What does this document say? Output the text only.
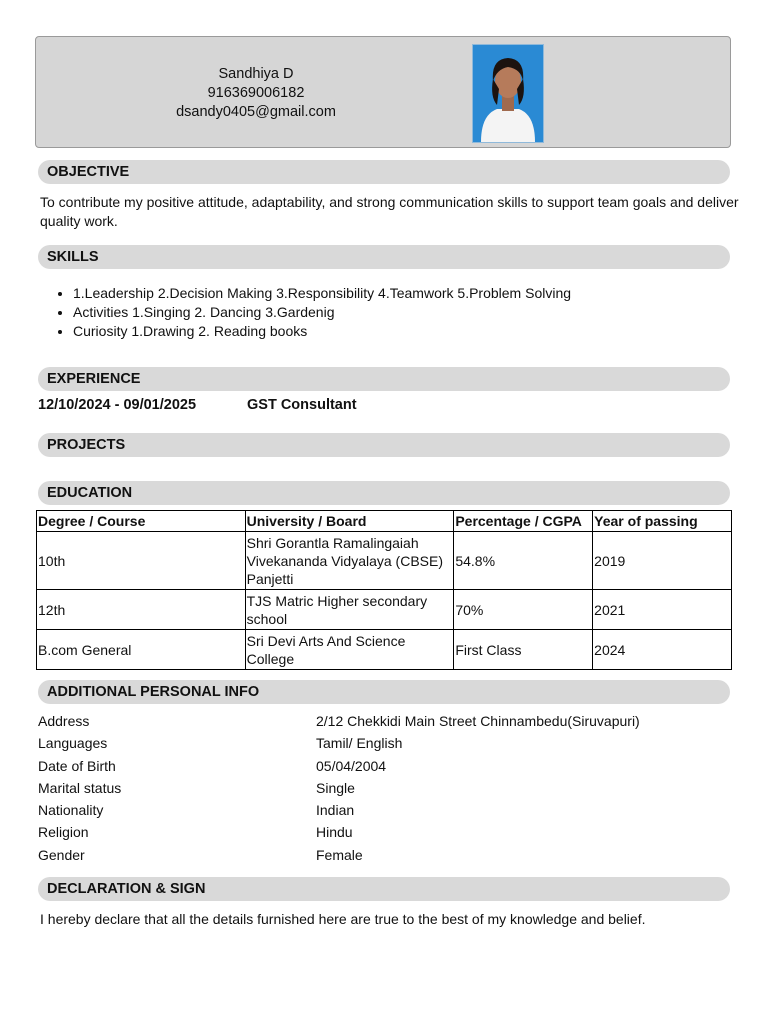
Sandhiya D
916369006182
dsandy0405@gmail.com
OBJECTIVE
To contribute my positive attitude, adaptability, and strong communication skills to support team goals and deliver quality work.
SKILLS
• 1.Leadership 2.Decision Making 3.Responsibility 4.Teamwork 5.Problem Solving
• Activities 1.Singing 2. Dancing 3.Gardenig
• Curiosity 1.Drawing 2. Reading books
EXPERIENCE
12/10/2024 - 09/01/2025	GST Consultant
PROJECTS
EDUCATION
Degree / Course	University / Board	Percentage / CGPA	Year of passing
10th	Shri Gorantla Ramalingaiah Vivekananda Vidyalaya (CBSE) Panjetti	54.8%	2019
12th	TJS Matric Higher secondary school	70%	2021
B.com General	Sri Devi Arts And Science College	First Class	2024
ADDITIONAL PERSONAL INFO
Address	2/12 Chekkidi Main Street Chinnambedu(Siruvapuri)
Languages	Tamil/ English
Date of Birth	05/04/2004
Marital status	Single
Nationality	Indian
Religion	Hindu
Gender	Female
DECLARATION & SIGN
I hereby declare that all the details furnished here are true to the best of my knowledge and belief.
